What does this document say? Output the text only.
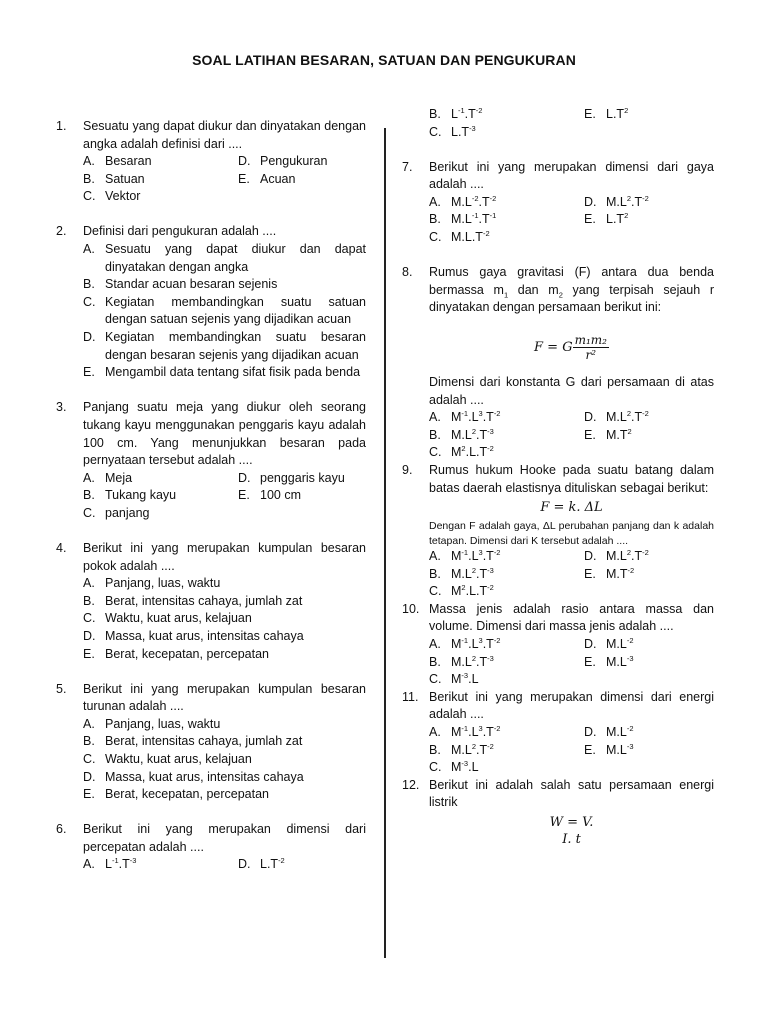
SOAL LATIHAN BESARAN, SATUAN DAN PENGUKURAN
1.	Sesuatu yang dapat diukur dan dinyatakan dengan angka adalah definisi dari ....
A. Besaran	D. Pengukuran
B. Satuan	E. Acuan
C. Vektor
2.	Definisi dari pengukuran adalah ....
A. Sesuatu yang dapat diukur dan dapat dinyatakan dengan angka
B. Standar acuan besaran sejenis
C. Kegiatan membandingkan suatu satuan dengan satuan sejenis yang dijadikan acuan
D. Kegiatan membandingkan suatu besaran dengan besaran sejenis yang dijadikan acuan
E. Mengambil data tentang sifat fisik pada benda
3.	Panjang suatu meja yang diukur oleh seorang tukang kayu menggunakan penggaris kayu adalah 100 cm. Yang menunjukkan besaran pada pernyataan tersebut adalah ....
A. Meja	D. penggaris kayu
B. Tukang kayu	E. 100 cm
C. panjang
4.	Berikut ini yang merupakan kumpulan besaran pokok adalah ....
A. Panjang, luas, waktu
B. Berat, intensitas cahaya, jumlah zat
C. Waktu, kuat arus, kelajuan
D. Massa, kuat arus, intensitas cahaya
E. Berat, kecepatan, percepatan
5.	Berikut ini yang merupakan kumpulan besaran turunan adalah ....
A. Panjang, luas, waktu
B. Berat, intensitas cahaya, jumlah zat
C. Waktu, kuat arus, kelajuan
D. Massa, kuat arus, intensitas cahaya
E. Berat, kecepatan, percepatan
6.	Berikut ini yang merupakan dimensi dari percepatan adalah ....
A. $L^{-1}.T^{-3}$	D. $L.T^{-2}$
B. $L^{-1}.T^{-2}$	E. $L.T^2$
C. $L.T^{-3}$
7.	Berikut ini yang merupakan dimensi dari gaya adalah ....
A. $M.L^{-2}.T^{-2}$	D. $M.L^2.T^{-2}$
B. $M.L^{-1}.T^{-1}$	E. $L.T^2$
C. $M.L.T^{-2}$
8.	Rumus gaya gravitasi (F) antara dua benda bermassa $m_1$ dan $m_2$ yang terpisah sejauh r dinyatakan dengan persamaan berikut ini:
F = G $\frac{\text{m₁m₂}}{\text{r²}}$
Dimensi dari konstanta G dari persamaan di atas adalah ....
A. $M^{-1}.L^3.T^{-2}$	D. $M.L^2.T^{-2}$
B. $M.L^2.T^{-3}$	E. $M.T^2$
C. $M^2.L.T^{-2}$
9.	Rumus hukum Hooke pada suatu batang dalam batas daerah elastisnya dituliskan sebagai berikut:
F = k. ΔL
Dengan F adalah gaya, ΔL perubahan panjang dan k adalah tetapan. Dimensi dari K tersebut adalah ....
A. $M^{-1}.L^3.T^{-2}$	D. $M.L^2.T^{-2}$
B. $M.L^2.T^{-3}$	E. $M.T^{-2}$
C. $M^2.L.T^{-2}$
10. Massa jenis adalah rasio antara massa dan volume. Dimensi dari massa jenis adalah ....
A. $M^{-1}.L^3.T^{-2}$	D. $M.L^{-2}$
B. $M.L^2.T^{-3}$	E. $M.L^{-3}$
C. $M^{-3}.L$
11. Berikut ini yang merupakan dimensi dari energi adalah ....
A. $M^{-1}.L^3.T^{-2}$	D. $M.L^{-2}$
B. $M.L^2.T^{-2}$	E. $M.L^{-3}$
C. $M^{-3}.L$
12. Berikut ini adalah salah satu persamaan energi listrik
W = V.
I. t
